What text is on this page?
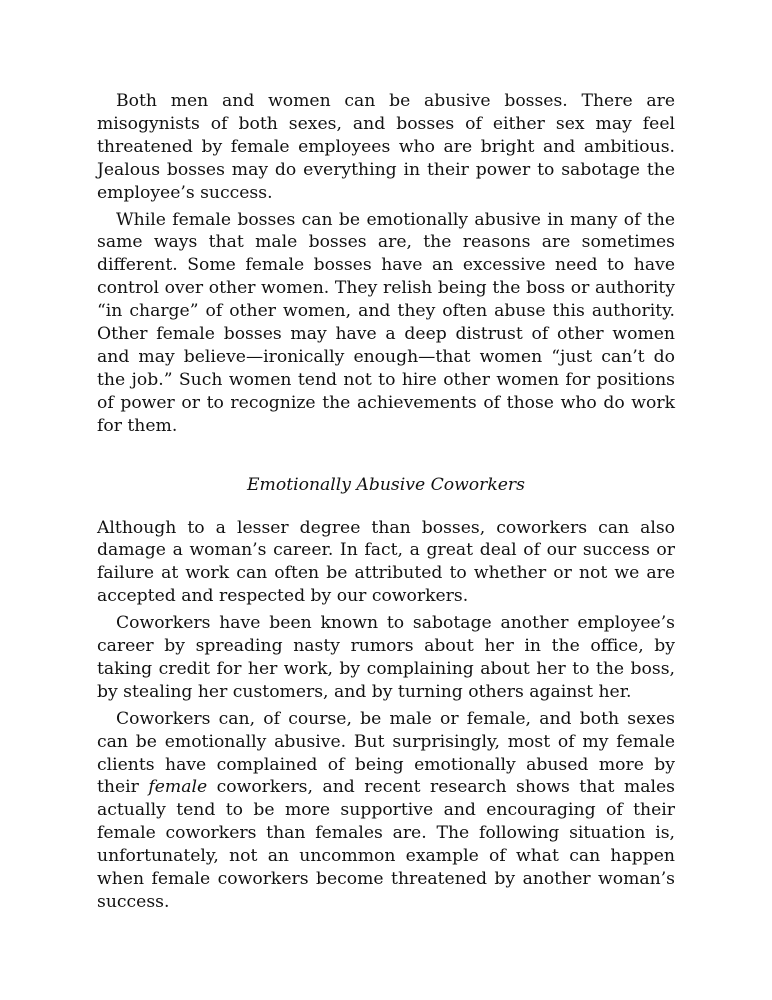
Both men and women can be abusive bosses. There are misogynists of both sexes, and bosses of either sex may feel threatened by female employees who are bright and ambitious. Jealous bosses may do everything in their power to sabotage the employee’s success.

While female bosses can be emotionally abusive in many of the same ways that male bosses are, the reasons are sometimes different. Some female bosses have an excessive need to have control over other women. They relish being the boss or authority “in charge” of other women, and they often abuse this authority. Other female bosses may have a deep distrust of other women and may believe—ironically enough—that women “just can’t do the job.” Such women tend not to hire other women for positions of power or to recognize the achievements of those who do work for them.

Emotionally Abusive Coworkers

Although to a lesser degree than bosses, coworkers can also damage a woman’s career. In fact, a great deal of our success or failure at work can often be attributed to whether or not we are accepted and respected by our coworkers.

Coworkers have been known to sabotage another employee’s career by spreading nasty rumors about her in the office, by taking credit for her work, by complaining about her to the boss, by stealing her customers, and by turning others against her.

Coworkers can, of course, be male or female, and both sexes can be emotionally abusive. But surprisingly, most of my female clients have complained of being emotionally abused more by their female coworkers, and recent research shows that males actually tend to be more supportive and encouraging of their female coworkers than females are. The following situation is, unfortunately, not an uncommon example of what can happen when female coworkers become threatened by another woman’s success.
